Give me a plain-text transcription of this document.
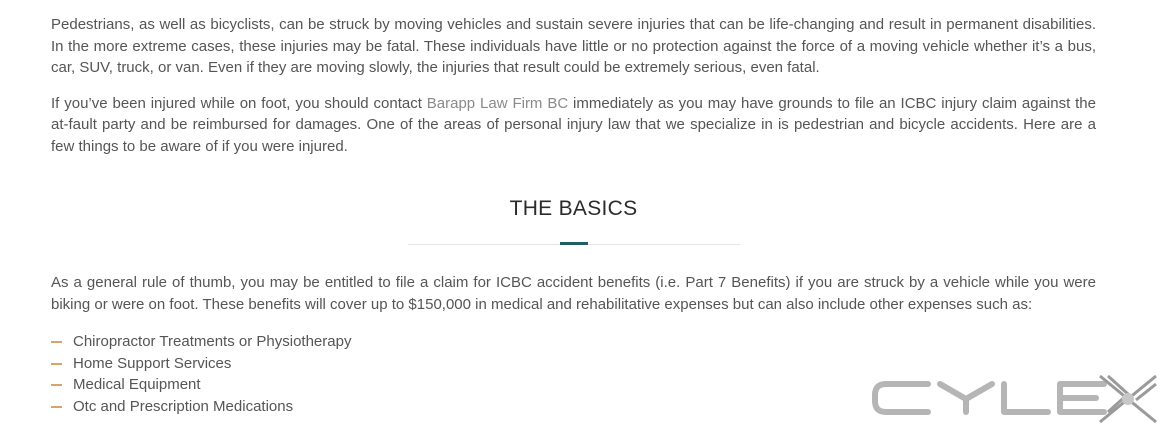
Pedestrians, as well as bicyclists, can be struck by moving vehicles and sustain severe injuries that can be life-changing and result in permanent disabilities. In the more extreme cases, these injuries may be fatal. These individuals have little or no protection against the force of a moving vehicle whether it’s a bus, car, SUV, truck, or van. Even if they are moving slowly, the injuries that result could be extremely serious, even fatal.

If you’ve been injured while on foot, you should contact Barapp Law Firm BC immediately as you may have grounds to file an ICBC injury claim against the at-fault party and be reimbursed for damages. One of the areas of personal injury law that we specialize in is pedestrian and bicycle accidents. Here are a few things to be aware of if you were injured.

THE BASICS

As a general rule of thumb, you may be entitled to file a claim for ICBC accident benefits (i.e. Part 7 Benefits) if you are struck by a vehicle while you were biking or were on foot. These benefits will cover up to $150,000 in medical and rehabilitative expenses but can also include other expenses such as:

Chiropractor Treatments or Physiotherapy
Home Support Services
Medical Equipment
Otc and Prescription Medications
